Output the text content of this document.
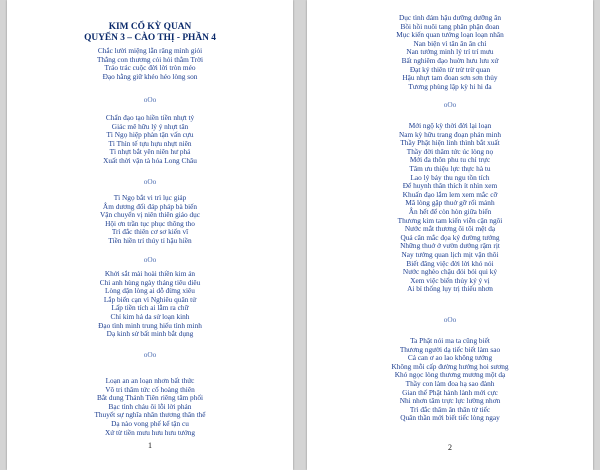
KIM CỔ KỲ QUAN
QUYỂN 3 – CÀO THỊ - PHẦN 4
Chắc lười miệng lẫn răng mình giỏi
Thẳng con thương cỏi hỏi thằm Trời
Tráo trác cuộc đời lời tròn méo
Đạo hằng giữ khéo héo lòng son
oOo
Chẩn đạo tạo hiền tiền nhựt tỷ
Giác mê hữu lý ý nhựt tân
Tì Ngọ hiệp phàn tận vấn cựu
Tì Thìn tế tựu hựu nhựt niên
Tì nhựt bắt yên niên hư phá
Xuất thời vận tà hóa Long Châu
oOo
Tì Ngọ bắt vi trì lục giáp
Âm dương đối đáp pháp bà biến
Vận chuyển vị niên thiên giáo dục
Hội ơn trần tục phục thông tho
Trì đắc thiên cơ sơ kiến vĩ
Tiền hiền trí thúy tỉ hậu hiền
oOo
Khởi sắt mài hoài thiền kim ản
Chi anh hùng ngày tháng tiêu diêu
Lòng dặn lòng ai dỗ đừng xiêu
Lắp biển cạn vì Nghiêu quân tử
Lấp tiền tích ai lẫm ra chữ
Chỉ kim hả da sử loạn kinh
Đạo tình minh trung hiếu tình minh
Dạ kinh sử bất minh bắt dụng
oOo
Loạn an an loạn nhơn bất thức
Vô tri thâm tức cố hoàng thiên
Bắt dung Thánh Tiên riêng tâm phối
Bạc tình cháu ôi lỗi lời phán
Thuyết sự nghĩa nhân thương thân thể
Dạ nào vong phế kể tận cu
Xứ từ tiền mưu hưu hưu tướng
1
Dục tình đám hậu dưỡng dưỡng ân
Bồi hồi nuôi tang phân phận đoan
Mục kiến quan tướng loạn loạn nhân
Nan biện vì tân ân ân chỉ
Nan tướng minh lý trí trí mưu
Bất nghiêm đạo huờn hưu lưu xứ
Đạt kỷ thiên từ trừ trừ quan
Hậu nhựt tam đoan sơn sơn thủy
Tương phùng lập kỳ hi hi đa
oOo
Mới ngộ kỳ thời đời lại loạn
Nam kỳ hữu trang đoạn phán minh
Thầy Phật hiện linh thình bắt xuất
Thầy đời thăm tức úc lòng nọ
Mới đa thôn phu tu chỉ trực
Tâm ưu thiệu lực thực hà tu
Lao lý bảy thu ngu tồn tích
Để huynh thân thích ít nhìn xem
Khuấn đạo lắm lem xem mắc cỡ
Mã lòng gặp thuở gỡ rối mảnh
Ân hết để còn hòn giữa biển
Thương kim tam kiến viễn cận ngôi
Nước mắt thương ôi tôi mệt dạ
Quả cân mắc đọa ký đường tướng
Những thuở ở vườn dướng rậm rịt
Nay tướng quan lịch mịt vận thôi
Biết đãng việc đời lời khó nói
Nước nghèo chậu đói bói qui ký
Xem việc biến thủy ký ý vị
Ai bỉ thống lụy trị thiếu nhơn
oOo
Ta Phật nói ma ta cũng biết
Thương người dạ tiếc biết làm sao
Cả can ơ ao lao không tướng
Không mỗi cấp đường hướng hoi sương
Khó ngọc lòng thương mương một dạ
Thầy con làm đoa hạ sao đành
Gian thế Phật hành lành mới cực
Nhi nhơn tâm trực lực lường nhơn
Trì đắc thâm ân thân tử tiếc
Quân thần mới biết tiếc lòng ngay
2
